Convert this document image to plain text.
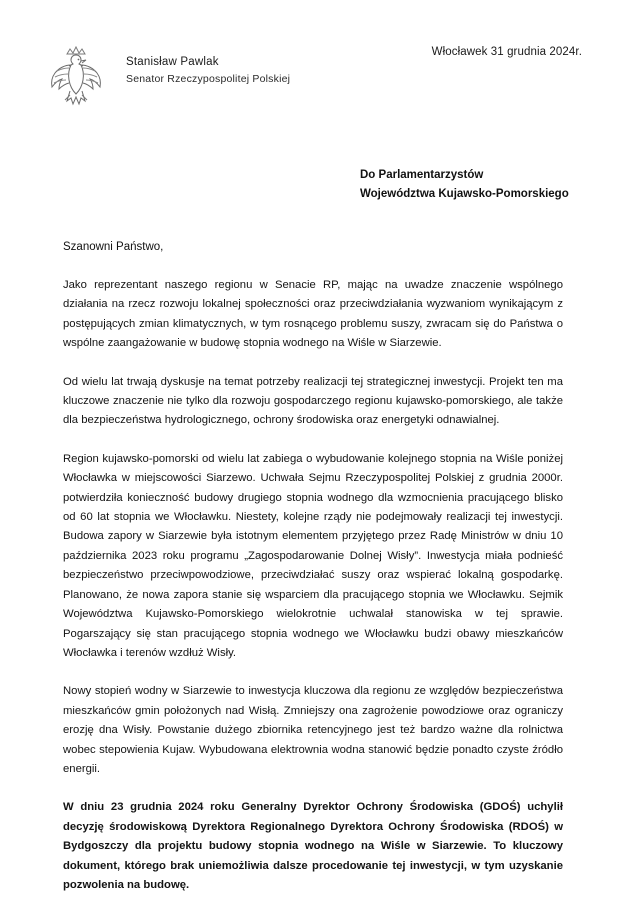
Stanisław Pawlak
Senator Rzeczypospolitej Polskiej
Włocławek 31 grudnia 2024r.
Do Parlamentarzystów
Województwa Kujawsko-Pomorskiego
Szanowni Państwo,

Jako reprezentant naszego regionu w Senacie RP, mając na uwadze znaczenie wspólnego działania na rzecz rozwoju lokalnej społeczności oraz przeciwdziałania wyzwaniom wynikającym z postępujących zmian klimatycznych, w tym rosnącego problemu suszy, zwracam się do Państwa o wspólne zaangażowanie w budowę stopnia wodnego na Wiśle w Siarzewie.

Od wielu lat trwają dyskusje na temat potrzeby realizacji tej strategicznej inwestycji. Projekt ten ma kluczowe znaczenie nie tylko dla rozwoju gospodarczego regionu kujawsko-pomorskiego, ale także dla bezpieczeństwa hydrologicznego, ochrony środowiska oraz energetyki odnawialnej.

Region kujawsko-pomorski od wielu lat zabiega o wybudowanie kolejnego stopnia na Wiśle poniżej Włocławka w miejscowości Siarzewo. Uchwała Sejmu Rzeczypospolitej Polskiej z grudnia 2000r. potwierdziła konieczność budowy drugiego stopnia wodnego dla wzmocnienia pracującego blisko od 60 lat stopnia we Włocławku. Niestety, kolejne rządy nie podejmowały realizacji tej inwestycji. Budowa zapory w Siarzewie była istotnym elementem przyjętego przez Radę Ministrów w dniu 10 października 2023 roku programu „Zagospodarowanie Dolnej Wisły”. Inwestycja miała podnieść bezpieczeństwo przeciwpowodziowe, przeciwdziałać suszy oraz wspierać lokalną gospodarkę. Planowano, że nowa zapora stanie się wsparciem dla pracującego stopnia we Włocławku. Sejmik Województwa Kujawsko-Pomorskiego wielokrotnie uchwalał stanowiska w tej sprawie. Pogarszający się stan pracującego stopnia wodnego we Włocławku budzi obawy mieszkańców Włocławka i terenów wzdłuż Wisły.

Nowy stopień wodny w Siarzewie to inwestycja kluczowa dla regionu ze względów bezpieczeństwa mieszkańców gmin położonych nad Wisłą. Zmniejszy ona zagrożenie powodziowe oraz ograniczy erozję dna Wisły. Powstanie dużego zbiornika retencyjnego jest też bardzo ważne dla rolnictwa wobec stepowienia Kujaw. Wybudowana elektrownia wodna stanowić będzie ponadto czyste źródło energii.

W dniu 23 grudnia 2024 roku Generalny Dyrektor Ochrony Środowiska (GDOŚ) uchylił decyzję środowiskową Dyrektora Regionalnego Dyrektora Ochrony Środowiska (RDOŚ) w Bydgoszczy dla projektu budowy stopnia wodnego na Wiśle w Siarzewie. To kluczowy dokument, którego brak uniemożliwia dalsze procedowanie tej inwestycji, w tym uzyskanie pozwolenia na budowę.
